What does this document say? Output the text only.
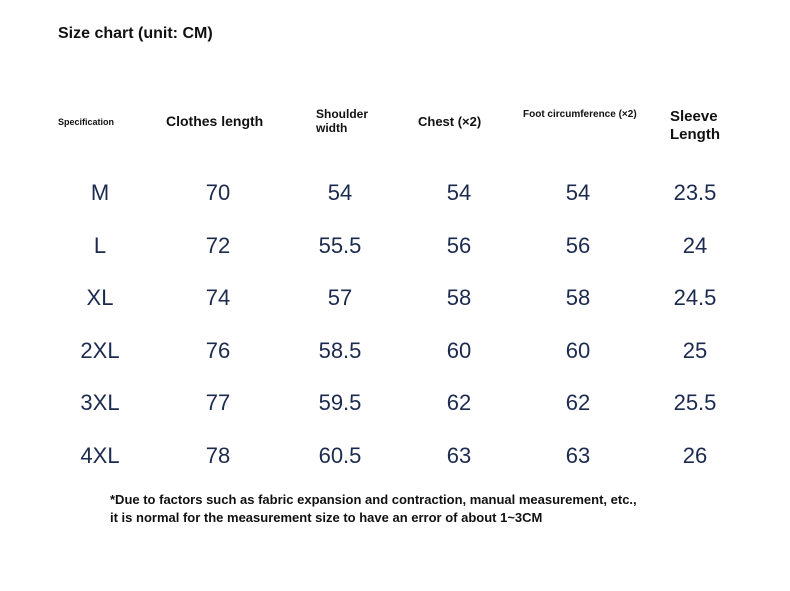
Size chart (unit: CM)
Specification	Clothes length	Shoulder width	Chest (×2)	Foot circumference (×2)	Sleeve Length
M	70	54	54	54	23.5
L	72	55.5	56	56	24
XL	74	57	58	58	24.5
2XL	76	58.5	60	60	25
3XL	77	59.5	62	62	25.5
4XL	78	60.5	63	63	26
*Due to factors such as fabric expansion and contraction, manual measurement, etc.,
it is normal for the measurement size to have an error of about 1~3CM
